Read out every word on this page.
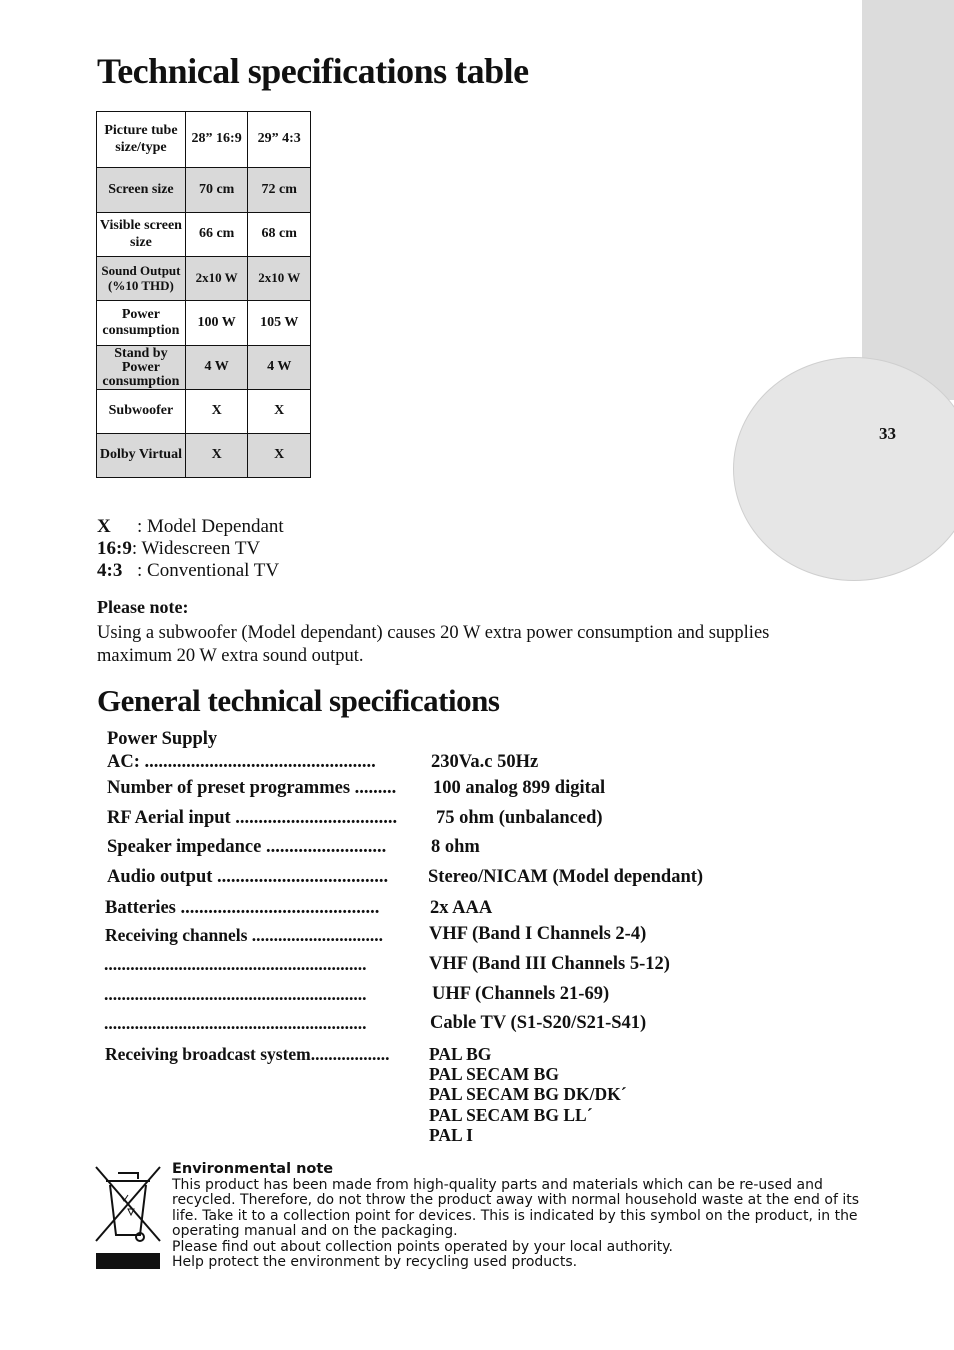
33
Technical specifications table
Picture tube size/type	28” 16:9	29” 4:3
Screen size	70 cm	72 cm
Visible screen size	66 cm	68 cm
Sound Output (%10 THD)	2x10 W	2x10 W
Power consumption	100 W	105 W
Stand by Power consumption	4 W	4 W
Subwoofer	X	X
Dolby Virtual	X	X
X : Model Dependant
16:9: Widescreen TV
4:3 : Conventional TV
Please note:
Using a subwoofer (Model dependant) causes 20 W extra power consumption and supplies maximum 20 W extra sound output.
General technical specifications
Power Supply
AC: ..................................................	230Va.c 50Hz
Number of preset programmes ......... 100 analog 899 digital
RF Aerial input ................................... 75 ohm (unbalanced)
Speaker impedance .......................... 8 ohm
Audio output ..................................... Stereo/NICAM (Model dependant)
Batteries ...........................................	2x AAA
Receiving channels .............................. VHF (Band I Channels 2-4)
............................................................	VHF (Band III Channels 5-12)
............................................................	UHF (Channels 21-69)
............................................................	Cable TV (S1-S20/S21-S41)
Receiving broadcast system.................. PAL BG
PAL SECAM BG
PAL SECAM BG DK/DK´
PAL SECAM BG LL´
PAL I
Environmental note
This product has been made from high-quality parts and materials which can be re-used and recycled. Therefore, do not throw the product away with normal household waste at the end of its life. Take it to a collection point for devices. This is indicated by this symbol on the product, in the operating manual and on the packaging.
Please find out about collection points operated by your local authority.
Help protect the environment by recycling used products.
